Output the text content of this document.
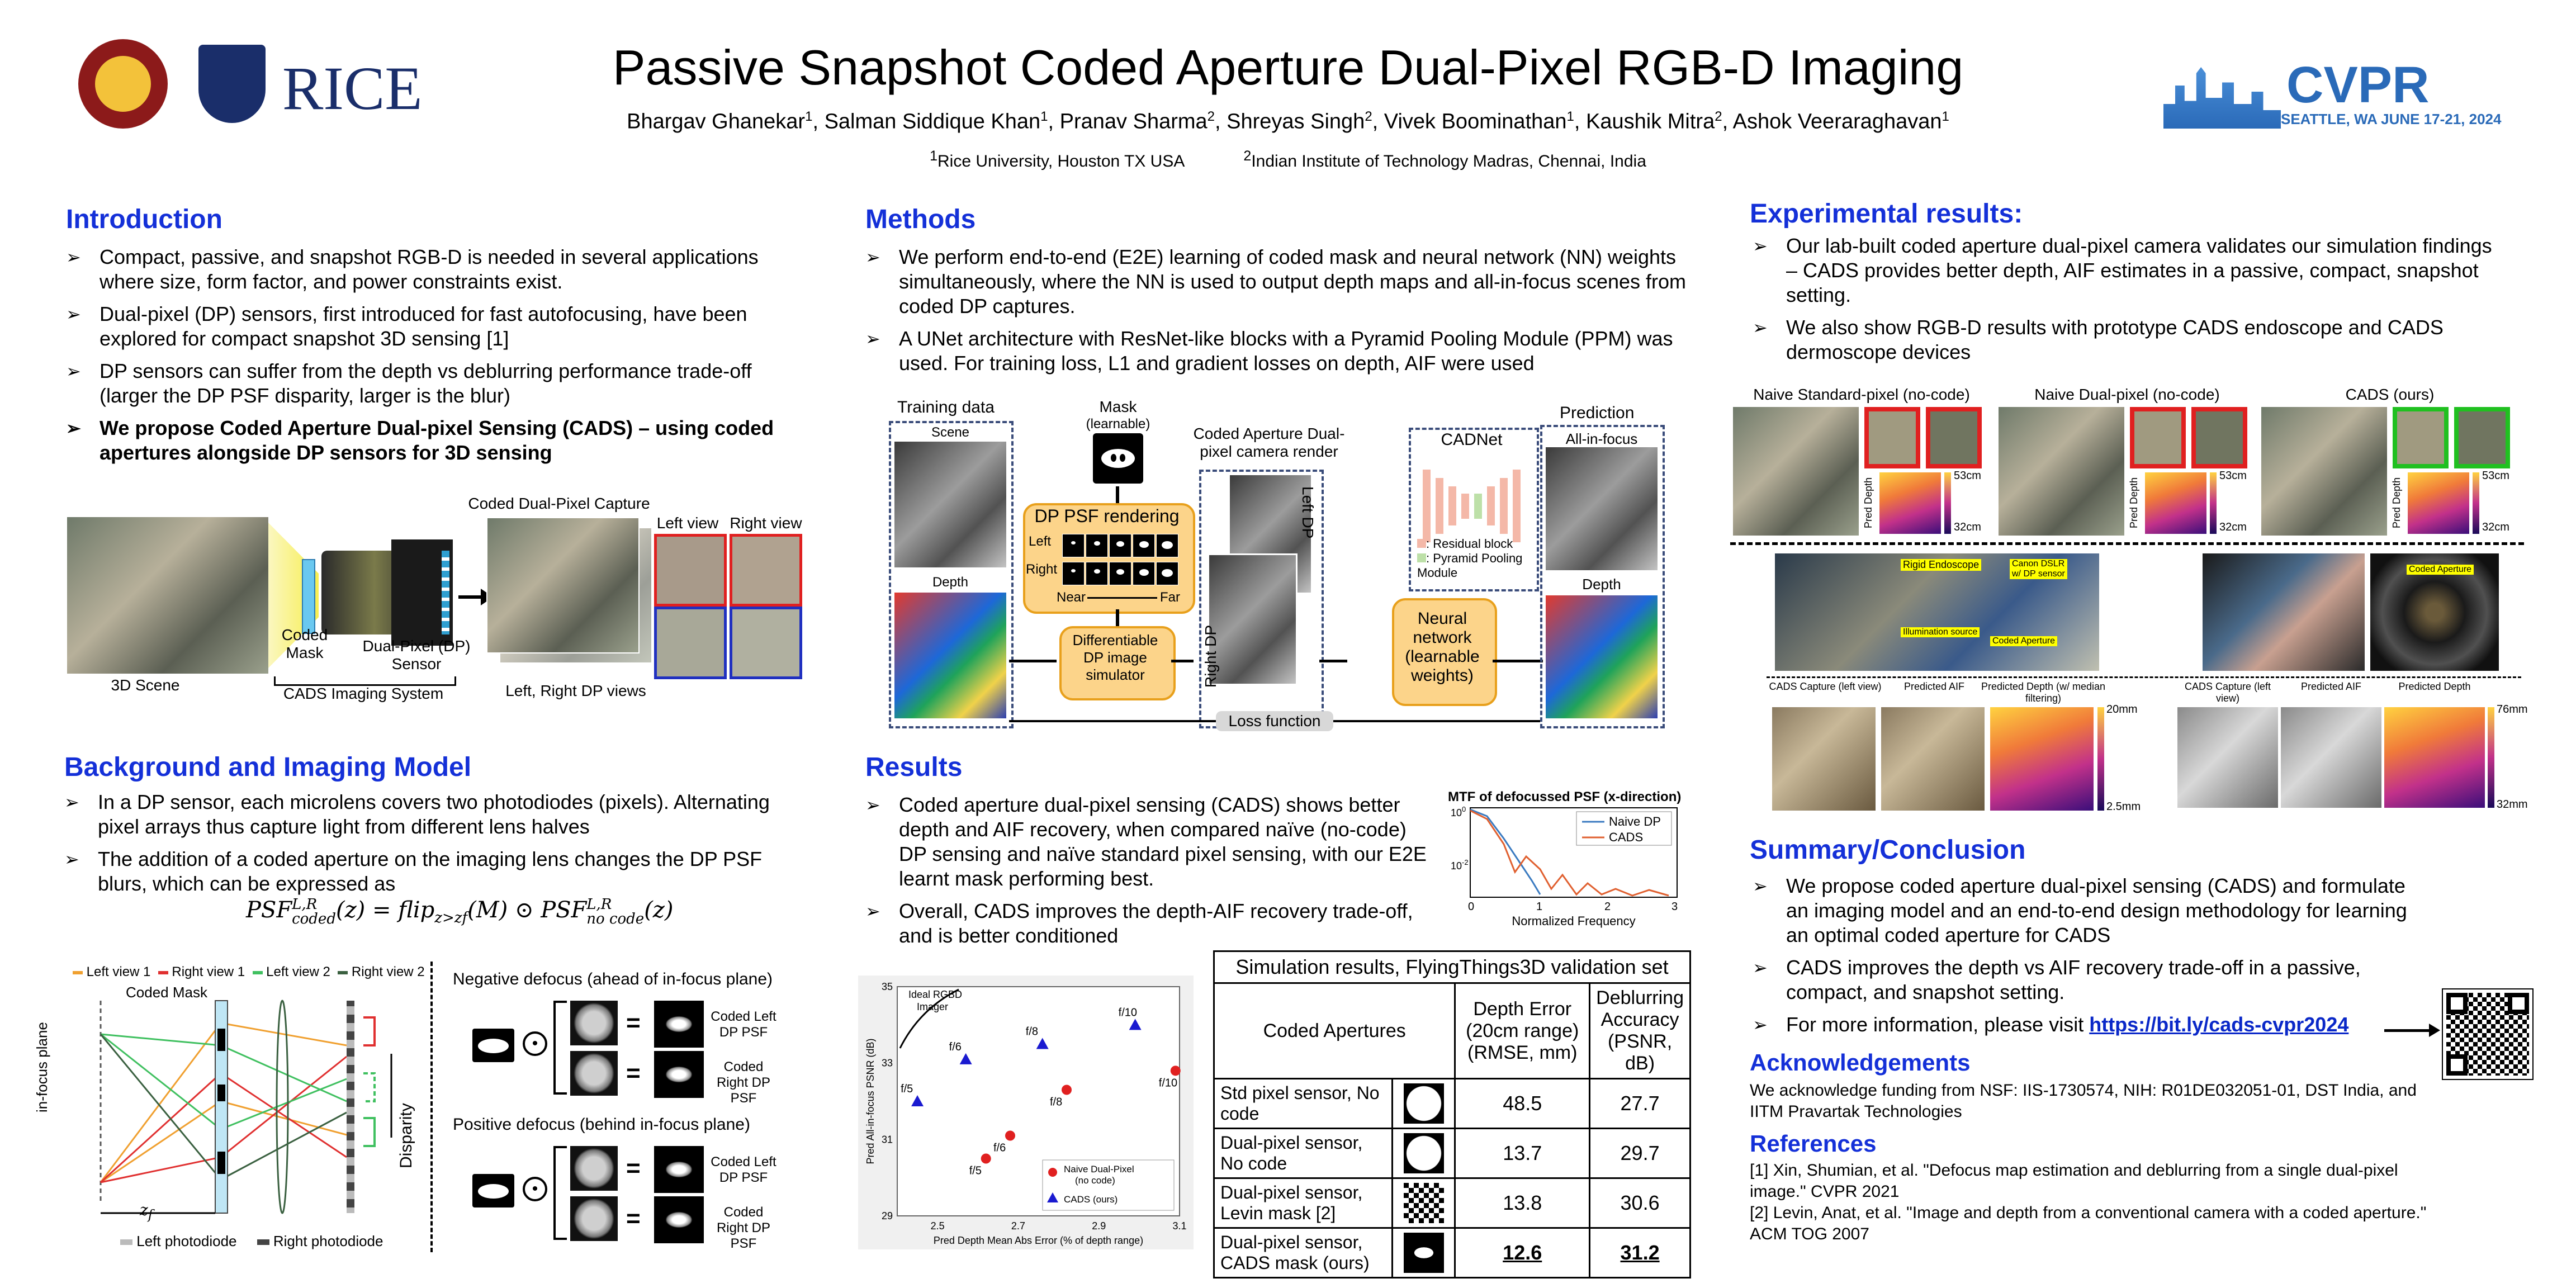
RICE	Passive Snapshot Coded Aperture Dual-Pixel RGB-D Imaging
Bhargav Ghanekar$^1$, Salman Siddique Khan$^1$, Pranav Sharma$^2$, Shreyas Singh$^2$, Vivek Boominathan$^1$, Kaushik Mitra$^2$, Ashok Veeraraghavan$^1$
$^1$Rice University, Houston TX USA	$^2$Indian Institute of Technology Madras, Chennai, India
CVPR
SEATTLE, WA JUNE 17-21, 2024
Introduction
➢ Compact, passive, and snapshot RGB-D is needed in several applications where size, form factor, and power constraints exist.
➢ Dual-pixel (DP) sensors, first introduced for fast autofocusing, have been explored for compact snapshot 3D sensing [1]
➢ DP sensors can suffer from the depth vs deblurring performance trade-off (larger the DP PSF disparity, larger is the blur)
➢ We propose Coded Aperture Dual-pixel Sensing (CADS) – using coded apertures alongside DP sensors for 3D sensing
3D Scene
Coded Mask	Dual-Pixel (DP) Sensor
CADS Imaging System
Coded Dual-Pixel Capture
Left view Right view
Left, Right DP views
Background and Imaging Model
➢ In a DP sensor, each microlens covers two photodiodes (pixels). Alternating pixel arrays thus capture light from different lens halves
➢ The addition of a coded aperture on the imaging lens changes the DP PSF blurs, which can be expressed as
PSF L,R
coded (z) = flip$_{z>zf}$(M) ⊙ PSF L,R
no code (z)
Left view 1 Right view 1 Left view 2 Right view 2
Coded Mask
in-focus plane
Disparity
$z_f$
Left photodiode	Right photodiode
Negative defocus (ahead of in-focus plane)
Positive defocus (behind in-focus plane)
•
=	Coded Left DP PSF
=	Coded Right DP PSF
•
=	Coded Left DP PSF
=	Coded Right DP PSF
Methods
➢ We perform end-to-end (E2E) learning of coded mask and neural network (NN) weights simultaneously, where the NN is used to output depth maps and all-in-focus scenes from coded DP captures.
➢ A UNet architecture with ResNet-like blocks with a Pyramid Pooling Module (PPM) was used. For training loss, L1 and gradient losses on depth, AIF were used
Training data
Scene
Depth
Mask
(learnable)
DP PSF rendering
Left
Right
Near	Far
Differentiable DP image simulator
Coded Aperture Dual-pixel camera render
Left DP
Right DP
CADNet
: Residual block
: Pyramid Pooling Module
Neural network (learnable weights)
Prediction
All-in-focus
Depth
Loss function
Results
➢ Coded aperture dual-pixel sensing (CADS) shows better depth and AIF recovery, when compared naïve (no-code) DP sensing and naïve standard pixel sensing, with our E2E learnt mask performing best.
➢ Overall, CADS improves the depth-AIF recovery trade-off, and is better conditioned
MTF of defocussed PSF (x-direction)
Naive DP
CADS
$10^0$
$10^{-2}$
0	1	2	3
Normalized Frequency
2.5	2.7	2.9	3.1
29
31
33
35
Pred Depth Mean Abs Error (% of depth range)
Pred All-in-focus PSNR (dB)
Ideal RGBD Imager
f/5
f/6
f/8
f/10
f/5
f/6
f/8
f/10
Naive Dual-Pixel (no code)
CADS (ours)
Simulation results, FlyingThings3D validation set			
Coded Apertures		Depth Error (20cm range) (RMSE, mm)	Deblurring Accuracy (PSNR, dB)
Std pixel sensor, No code		48.5	27.7
Dual-pixel sensor, No code		13.7	29.7
Dual-pixel sensor, Levin mask [2]		13.8	30.6
Dual-pixel sensor, CADS mask (ours)		12.6	31.2
Experimental results:
➢ Our lab-built coded aperture dual-pixel camera validates our simulation findings – CADS provides better depth, AIF estimates in a passive, compact, snapshot setting.
➢ We also show RGB-D results with prototype CADS endoscope and CADS dermoscope devices
Naive Standard-pixel (no-code)
Pred Depth
53cm
32cm
Naive Dual-pixel (no-code)
Pred Depth
53cm
32cm
CADS (ours)
Pred Depth
53cm
32cm
Rigid Endoscope	Canon DSLR w/ DP sensor
Illumination source
Coded Aperture
Coded Aperture
CADS Capture (left view)	Predicted AIF	Predicted Depth (w/ median filtering)
20mm
2.5mm
CADS Capture (left view)
Predicted AIF	Predicted Depth
76mm
32mm
Summary/Conclusion
➢ We propose coded aperture dual-pixel sensing (CADS) and formulate an imaging model and an end-to-end design methodology for learning an optimal coded aperture for CADS
➢ CADS improves the depth vs AIF recovery trade-off in a passive, compact, and snapshot setting.
➢ For more information, please visit https://bit.ly/cads-cvpr2024
Acknowledgements
We acknowledge funding from NSF: IIS-1730574, NIH: R01DE032051-01, DST India, and IITM Pravartak Technologies
References
[1] Xin, Shumian, et al. "Defocus map estimation and deblurring from a single dual-pixel image." CVPR 2021
[2] Levin, Anat, et al. "Image and depth from a conventional camera with a coded aperture." ACM TOG 2007
